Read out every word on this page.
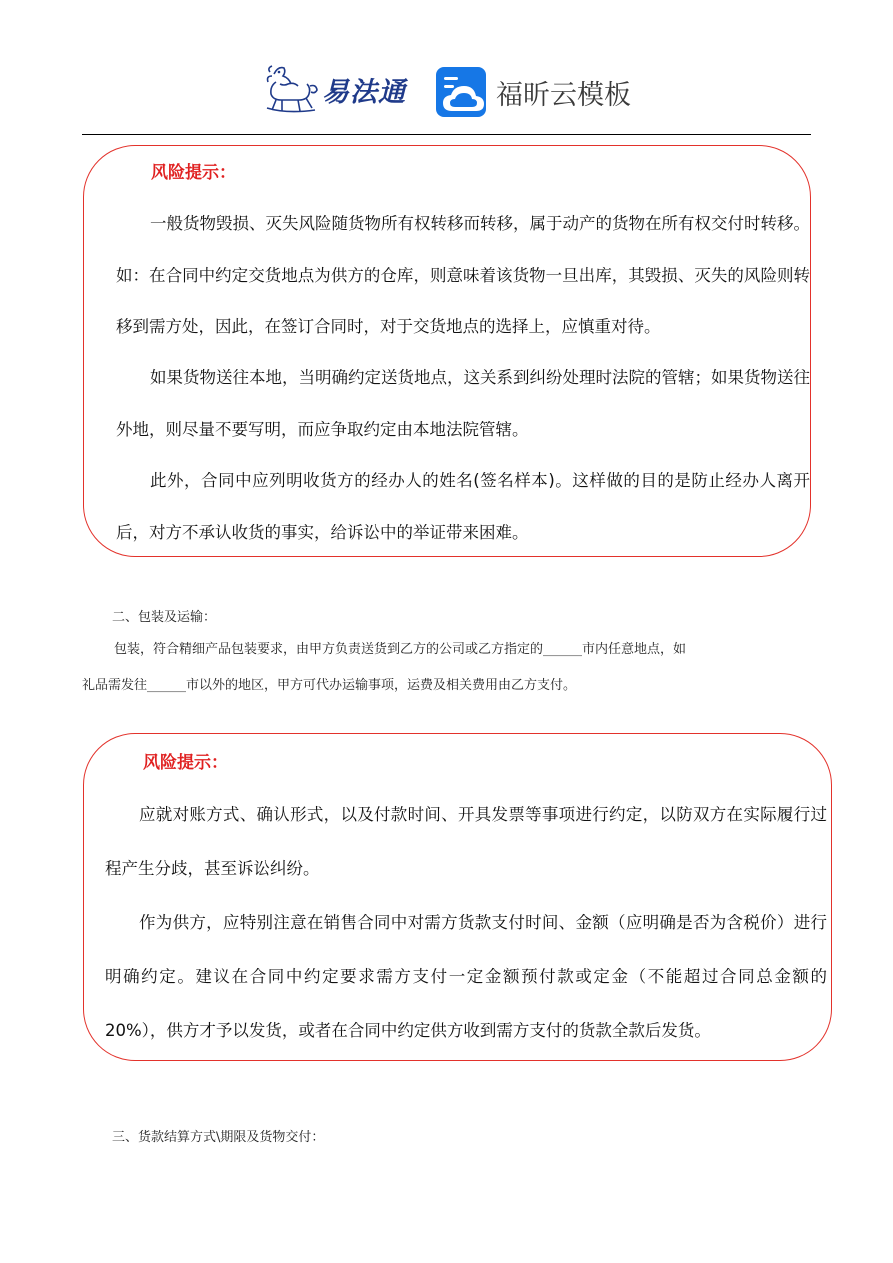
易法通	福昕云模板
风险提示：

一般货物毁损、灭失风险随货物所有权转移而转移，属于动产的货物在所有权交付时转移。如：在合同中约定交货地点为供方的仓库，则意味着该货物一旦出库，其毁损、灭失的风险则转移到需方处，因此，在签订合同时，对于交货地点的选择上，应慎重对待。

如果货物送往本地，当明确约定送货地点，这关系到纠纷处理时法院的管辖；如果货物送往外地，则尽量不要写明，而应争取约定由本地法院管辖。

此外，合同中应列明收货方的经办人的姓名(签名样本)。这样做的目的是防止经办人离开后，对方不承认收货的事实，给诉讼中的举证带来困难。

二、包装及运输：

包装，符合精细产品包装要求，由甲方负责送货到乙方的公司或乙方指定的______市内任意地点，如

礼品需发往______市以外的地区，甲方可代办运输事项，运费及相关费用由乙方支付。

风险提示：

应就对账方式、确认形式，以及付款时间、开具发票等事项进行约定，以防双方在实际履行过程产生分歧，甚至诉讼纠纷。

作为供方，应特别注意在销售合同中对需方货款支付时间、金额（应明确是否为含税价）进行明确约定。建议在合同中约定要求需方支付一定金额预付款或定金（不能超过合同总金额的 20%），供方才予以发货，或者在合同中约定供方收到需方支付的货款全款后发货。

三、货款结算方式\期限及货物交付：
